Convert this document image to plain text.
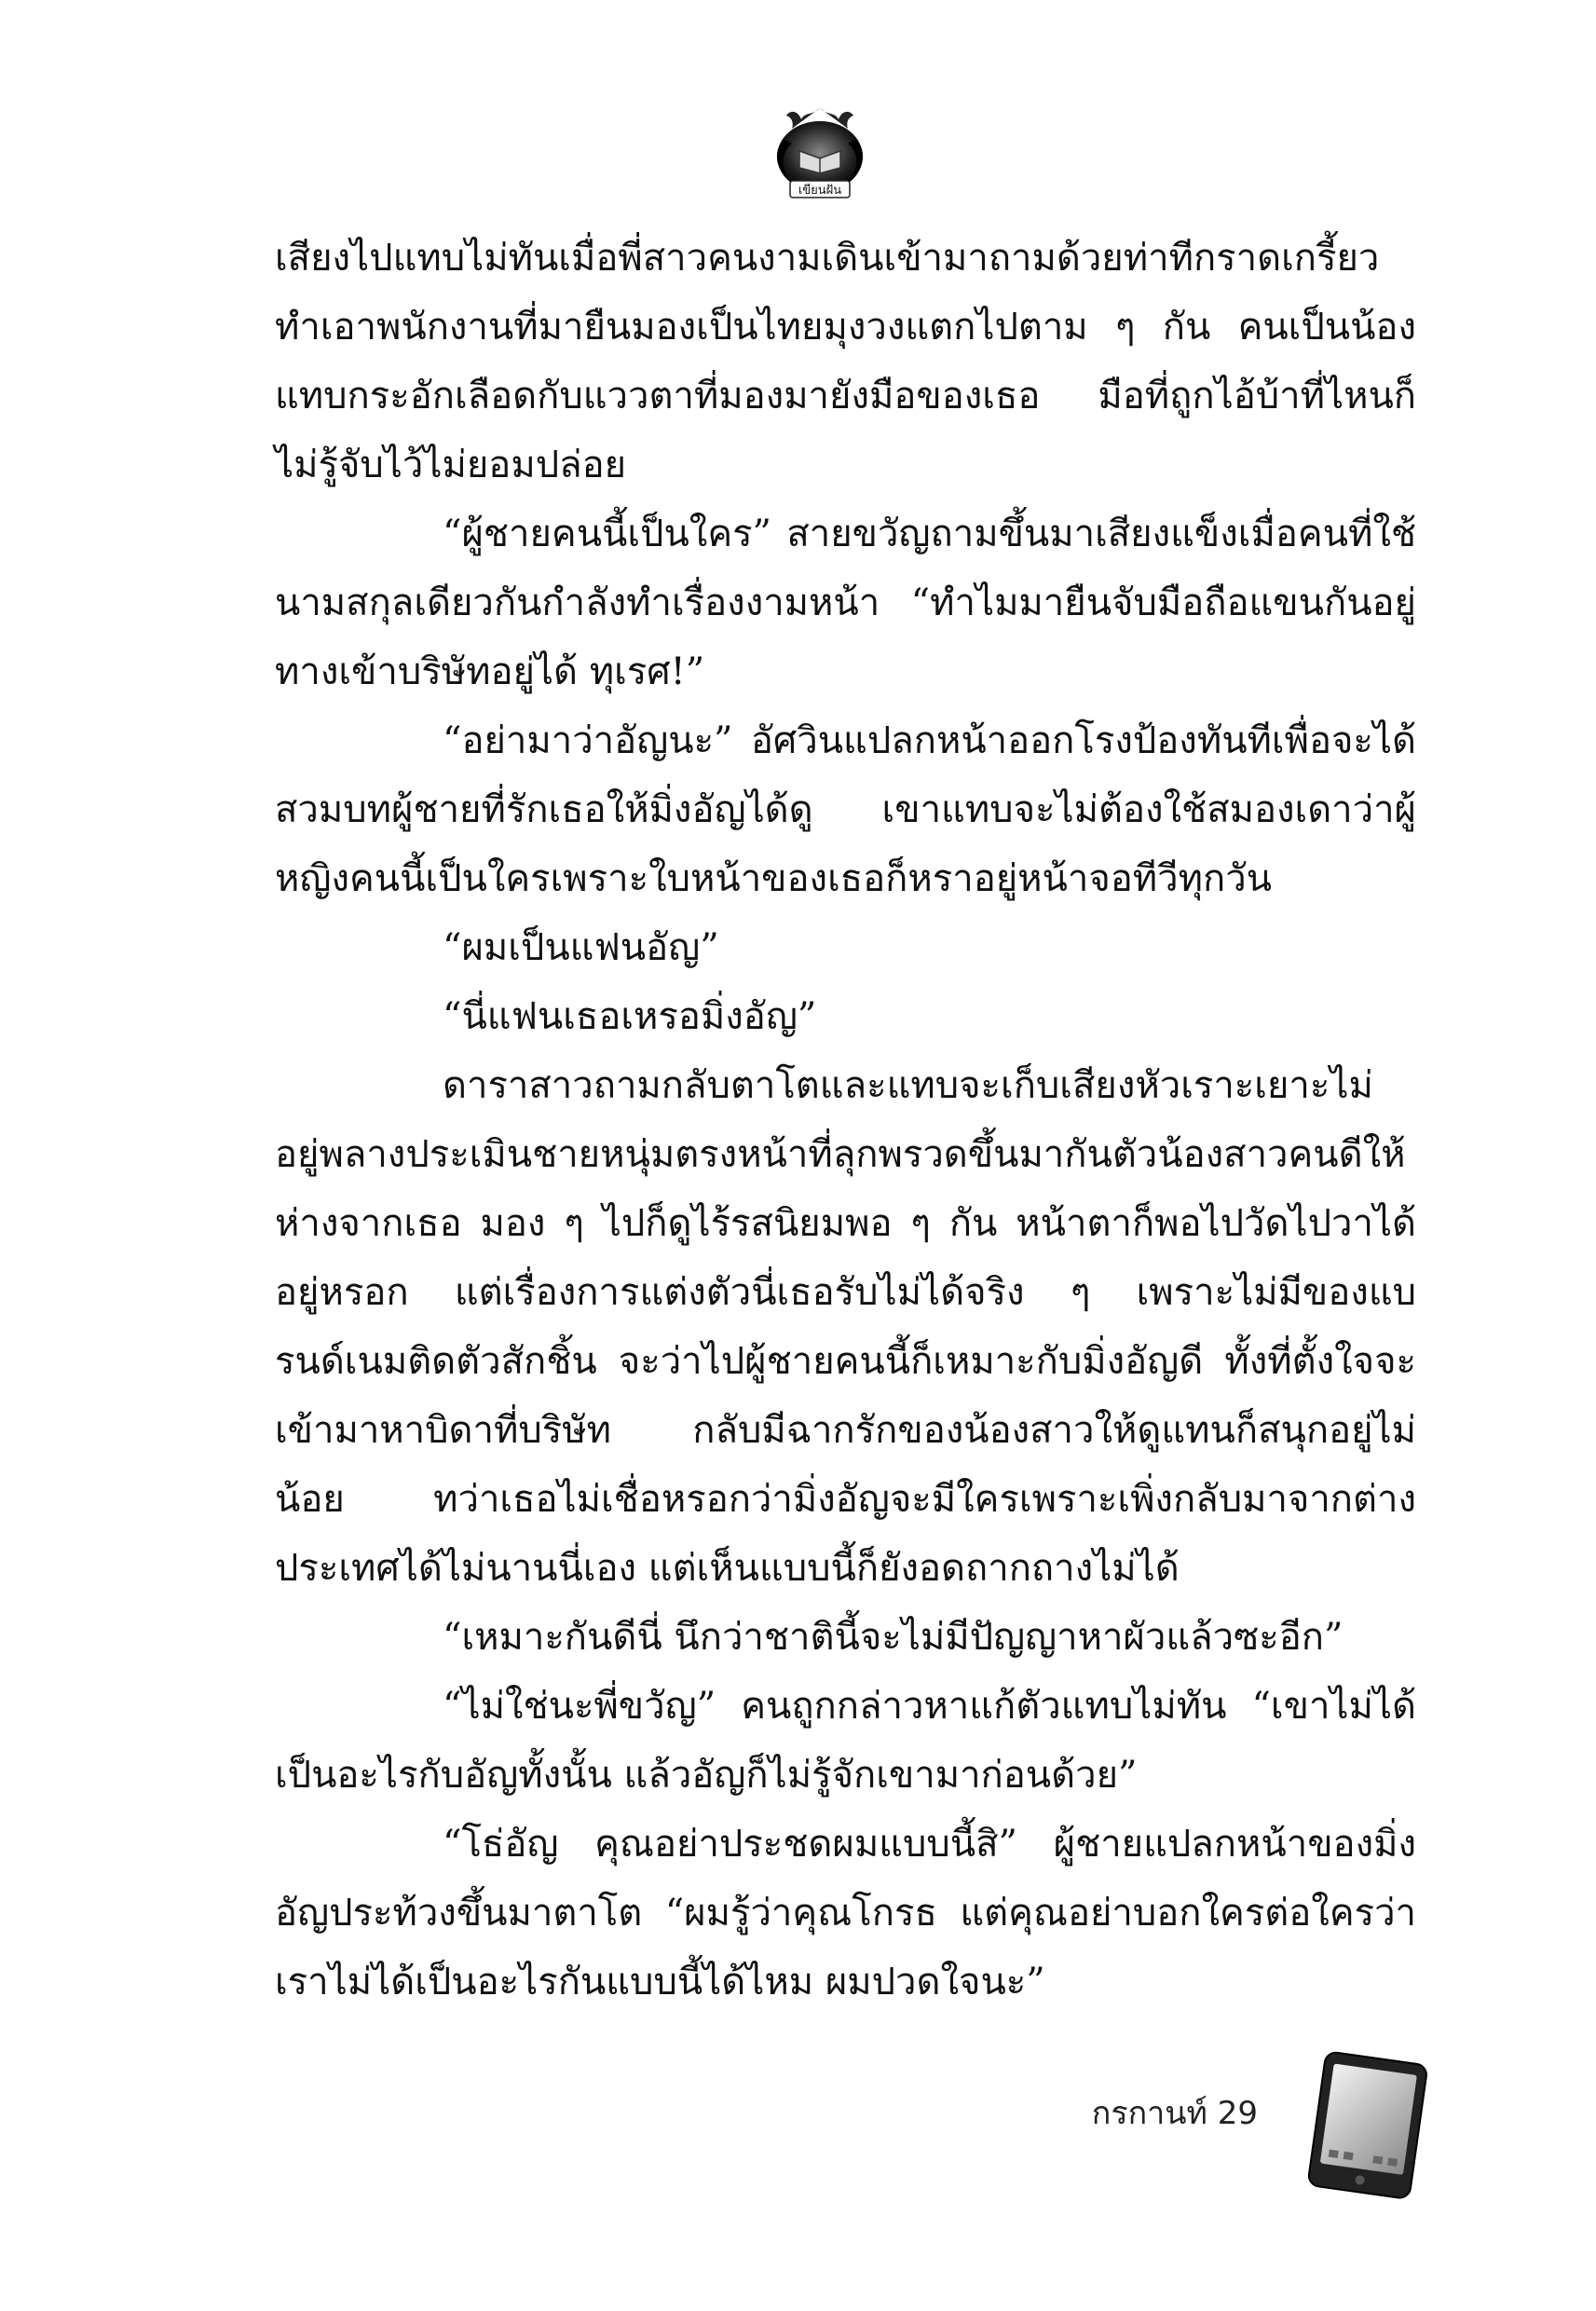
เขียนฝัน

เสียงไปแทบไม่ทันเมื่อพี่สาวคนงามเดินเข้ามาถามด้วยท่าทีกราดเกรี้ยว ทำเอาพนักงานที่มายืนมองเป็นไทยมุงวงแตกไปตาม ๆ กัน คนเป็นน้องแทบกระอักเลือดกับแววตาที่มองมายังมือของเธอ มือที่ถูกไอ้บ้าที่ไหนก็ไม่รู้จับไว้ไม่ยอมปล่อย

“ผู้ชายคนนี้เป็นใคร” สายขวัญถามขึ้นมาเสียงแข็งเมื่อคนที่ใช้นามสกุลเดียวกันกำลังทำเรื่องงามหน้า “ทำไมมายืนจับมือถือแขนกันอยู่ทางเข้าบริษัทอยู่ได้ ทุเรศ!”

“อย่ามาว่าอัญนะ” อัศวินแปลกหน้าออกโรงป้องทันทีเพื่อจะได้สวมบทผู้ชายที่รักเธอให้มิ่งอัญได้ดู เขาแทบจะไม่ต้องใช้สมองเดาว่าผู้หญิงคนนี้เป็นใครเพราะใบหน้าของเธอก็หราอยู่หน้าจอทีวีทุกวัน

“ผมเป็นแฟนอัญ”

“นี่แฟนเธอเหรอมิ่งอัญ”

ดาราสาวถามกลับตาโตและแทบจะเก็บเสียงหัวเราะเยาะไม่อยู่พลางประเมินชายหนุ่มตรงหน้าที่ลุกพรวดขึ้นมากันตัวน้องสาวคนดีให้ห่างจากเธอ มอง ๆ ไปก็ดูไร้รสนิยมพอ ๆ กัน หน้าตาก็พอไปวัดไปวาได้อยู่หรอก แต่เรื่องการแต่งตัวนี่เธอรับไม่ได้จริง ๆ เพราะไม่มีของแบรนด์เนมติดตัวสักชิ้น จะว่าไปผู้ชายคนนี้ก็เหมาะกับมิ่งอัญดี ทั้งที่ตั้งใจจะเข้ามาหาบิดาที่บริษัท กลับมีฉากรักของน้องสาวให้ดูแทนก็สนุกอยู่ไม่น้อย ทว่าเธอไม่เชื่อหรอกว่ามิ่งอัญจะมีใครเพราะเพิ่งกลับมาจากต่างประเทศได้ไม่นานนี่เอง แต่เห็นแบบนี้ก็ยังอดถากถางไม่ได้

“เหมาะกันดีนี่ นึกว่าชาตินี้จะไม่มีปัญญาหาผัวแล้วซะอีก”

“ไม่ใช่นะพี่ขวัญ” คนถูกกล่าวหาแก้ตัวแทบไม่ทัน “เขาไม่ได้เป็นอะไรกับอัญทั้งนั้น แล้วอัญก็ไม่รู้จักเขามาก่อนด้วย”

“โธ่อัญ คุณอย่าประชดผมแบบนี้สิ” ผู้ชายแปลกหน้าของมิ่งอัญประท้วงขึ้นมาตาโต “ผมรู้ว่าคุณโกรธ แต่คุณอย่าบอกใครต่อใครว่าเราไม่ได้เป็นอะไรกันแบบนี้ได้ไหม ผมปวดใจนะ”

กรกานท์ 29
